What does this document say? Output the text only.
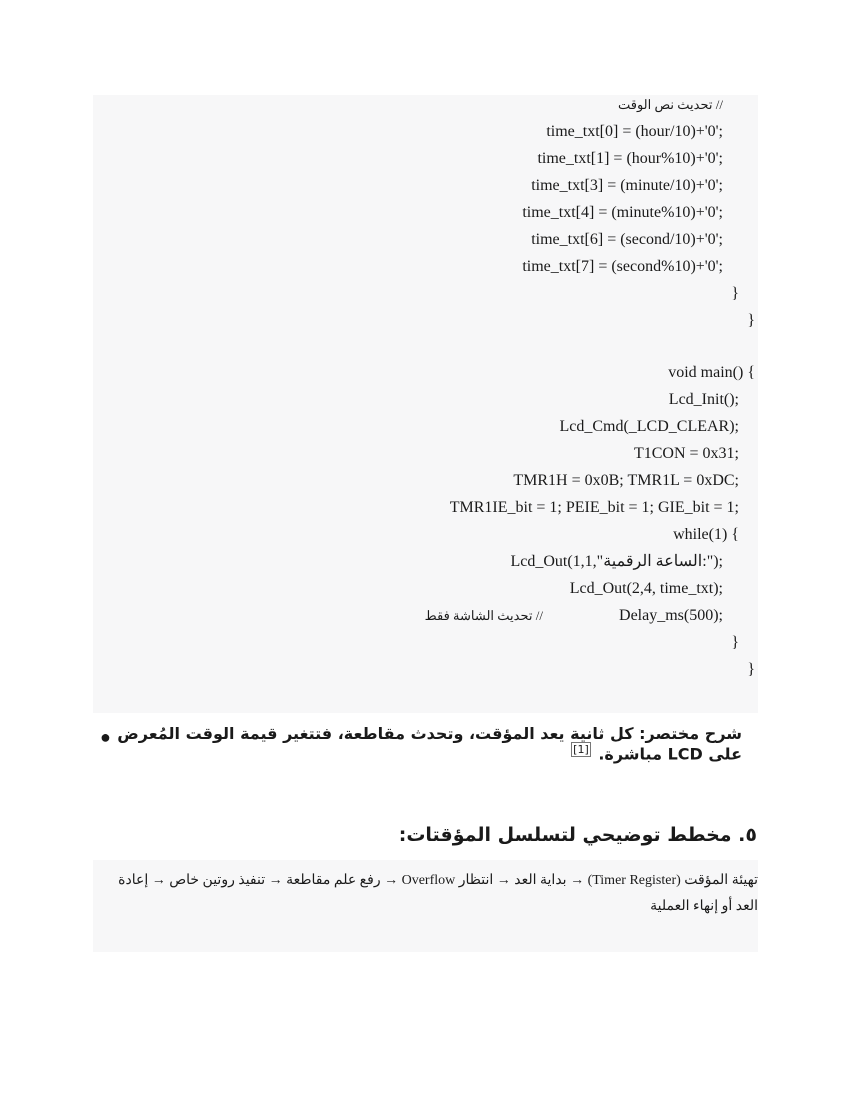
// تحديث نص الوقت
time_txt[0] = (hour/10)+'0';
time_txt[1] = (hour%10)+'0';
time_txt[3] = (minute/10)+'0';
time_txt[4] = (minute%10)+'0';
time_txt[6] = (second/10)+'0';
time_txt[7] = (second%10)+'0';
}
}
void main() {
Lcd_Init();
Lcd_Cmd(_LCD_CLEAR);
T1CON = 0x31;
TMR1H = 0x0B; TMR1L = 0xDC;
TMR1IE_bit = 1; PEIE_bit = 1; GIE_bit = 1;
while(1) {
Lcd_Out(1,1,"الساعة الرقمية:");
Lcd_Out(2,4, time_txt);
Delay_ms(500);
// تحديث الشاشة فقط
}
}
●	شرح مختصر: كل ثانية يعد المؤقت، وتحدث مقاطعة، فتتغير قيمة الوقت المُعرض على LCD مباشرة. [1]
٥. مخطط توضيحي لتسلسل المؤقتات:
تهيئة المؤقت (Timer Register) → بداية العد → انتظار Overflow → رفع علم مقاطعة → تنفيذ روتين خاص → إعادة العد أو إنهاء العملية
